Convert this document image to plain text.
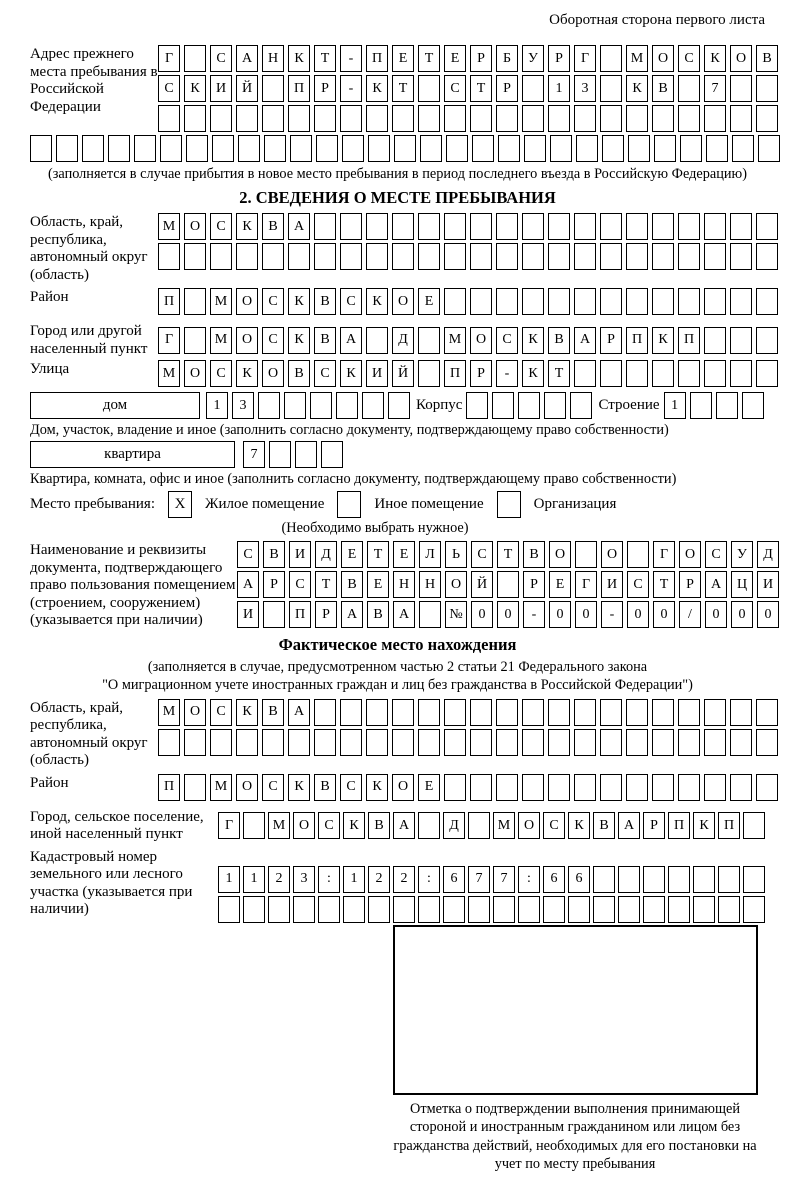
Оборотная сторона первого листа
Адрес прежнего места пребывания в Российской Федерации
Г	С	А	Н	К	Т	-	П	Е	Т	Е	Р	Б	У	Р	Г	М	О	С	К	О	В
С	К	И	Й	П	Р	-	К	Т	С	Т	Р	1	3	К	В	7
(заполняется в случае прибытия в новое место пребывания в период последнего въезда в Российскую Федерацию)
2. СВЕДЕНИЯ О МЕСТЕ ПРЕБЫВАНИЯ
Область, край, республика, автономный округ (область)
М	О	С	К	В	А
Район	П	М	О	С	К	В	С	К	О	Е
Город или другой населенный пункт
Г	М	О	С	К	В	А	Д	М	О	С	К	В	А	Р	П	К	П
Улица	М	О	С	К	О	В	С	К	И	Й	П	Р	-	К	Т
дом	1	3	Корпус	Строение 1
Дом, участок, владение и иное (заполнить согласно документу, подтверждающему право собственности)
квартира	7
Квартира, комната, офис и иное (заполнить согласно документу, подтверждающему право собственности)
Место пребывания:	X	Жилое помещение	Иное помещение	Организация
(Необходимо выбрать нужное)
Наименование и реквизиты документа, подтверждающего право пользования помещением (строением, сооружением) (указывается при наличии)
С	В	И	Д	Е	Т	Е	Л	Ь	С	Т	В	О	О	Г	О	С	У	Д
А	Р	С	Т	В	Е	Н	Н	О	Й	Р	Е	Г	И	С	Т	Р	А	Ц	И
И	П	Р	А	В	А	№	0	0	-	0	0	-	0	0	/	0	0	0
Фактическое место нахождения
(заполняется в случае, предусмотренном частью 2 статьи 21 Федерального закона
"О миграционном учете иностранных граждан и лиц без гражданства в Российской Федерации")
Область, край, республика, автономный округ (область)
М	О	С	К	В	А
Район	П	М	О	С	К	В	С	К	О	Е
Город, сельское поселение, иной населенный пункт
Г	М О	С	К	В	А	Д	М О	С	К	В	А	Р	П	К	П
Кадастровый номер земельного или лесного участка (указывается при наличии)
1	1	2	3	:	1	2	2	:	6	7	7	:	6	6
Отметка о подтверждении выполнения принимающей стороной и иностранным гражданином или лицом без гражданства действий, необходимых для его постановки на учет по месту пребывания
